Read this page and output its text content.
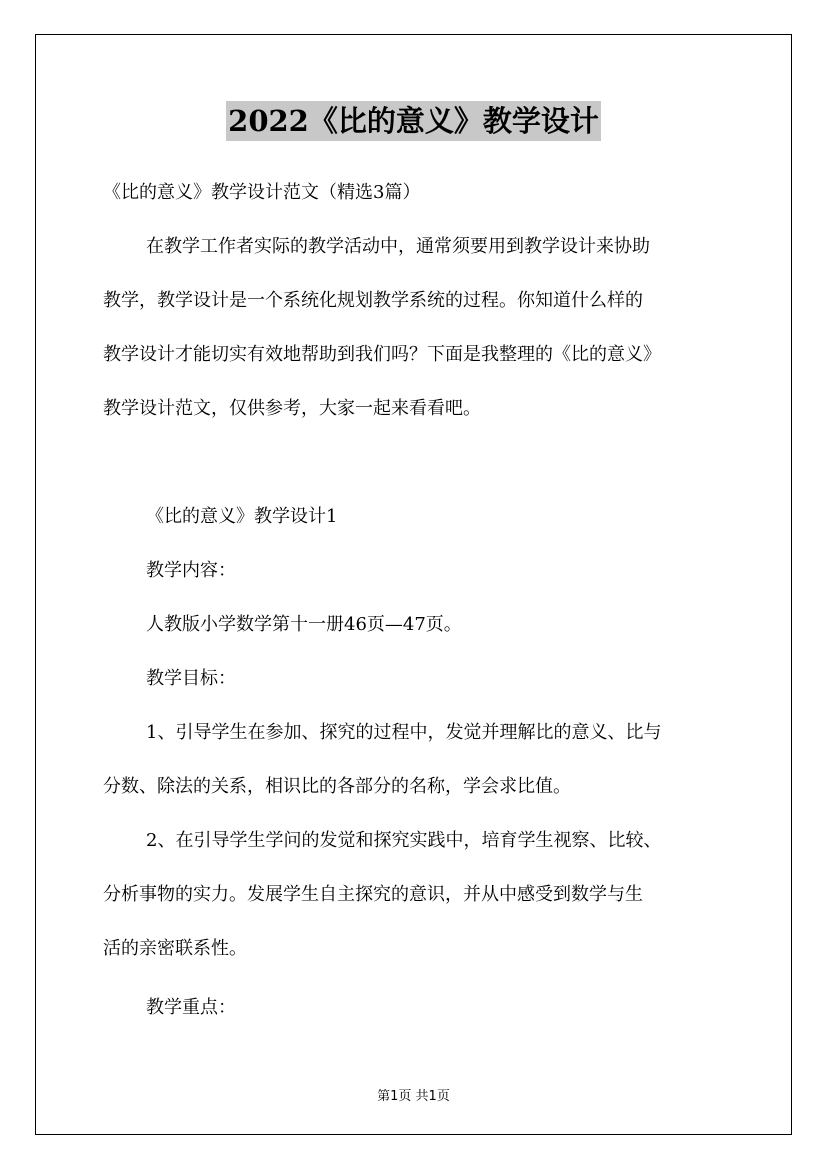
2022《比的意义》教学设计
《比的意义》教学设计范文（精选3篇）
在教学工作者实际的教学活动中，通常须要用到教学设计来协助
教学，教学设计是一个系统化规划教学系统的过程。你知道什么样的
教学设计才能切实有效地帮助到我们吗？下面是我整理的《比的意义》
教学设计范文，仅供参考，大家一起来看看吧。
《比的意义》教学设计1
教学内容：
人教版小学数学第十一册46页—47页。
教学目标：
1、引导学生在参加、探究的过程中，发觉并理解比的意义、比与
分数、除法的关系，相识比的各部分的名称，学会求比值。
2、在引导学生学问的发觉和探究实践中，培育学生视察、比较、
分析事物的实力。发展学生自主探究的意识，并从中感受到数学与生
活的亲密联系性。
教学重点：
第1页 共1页
